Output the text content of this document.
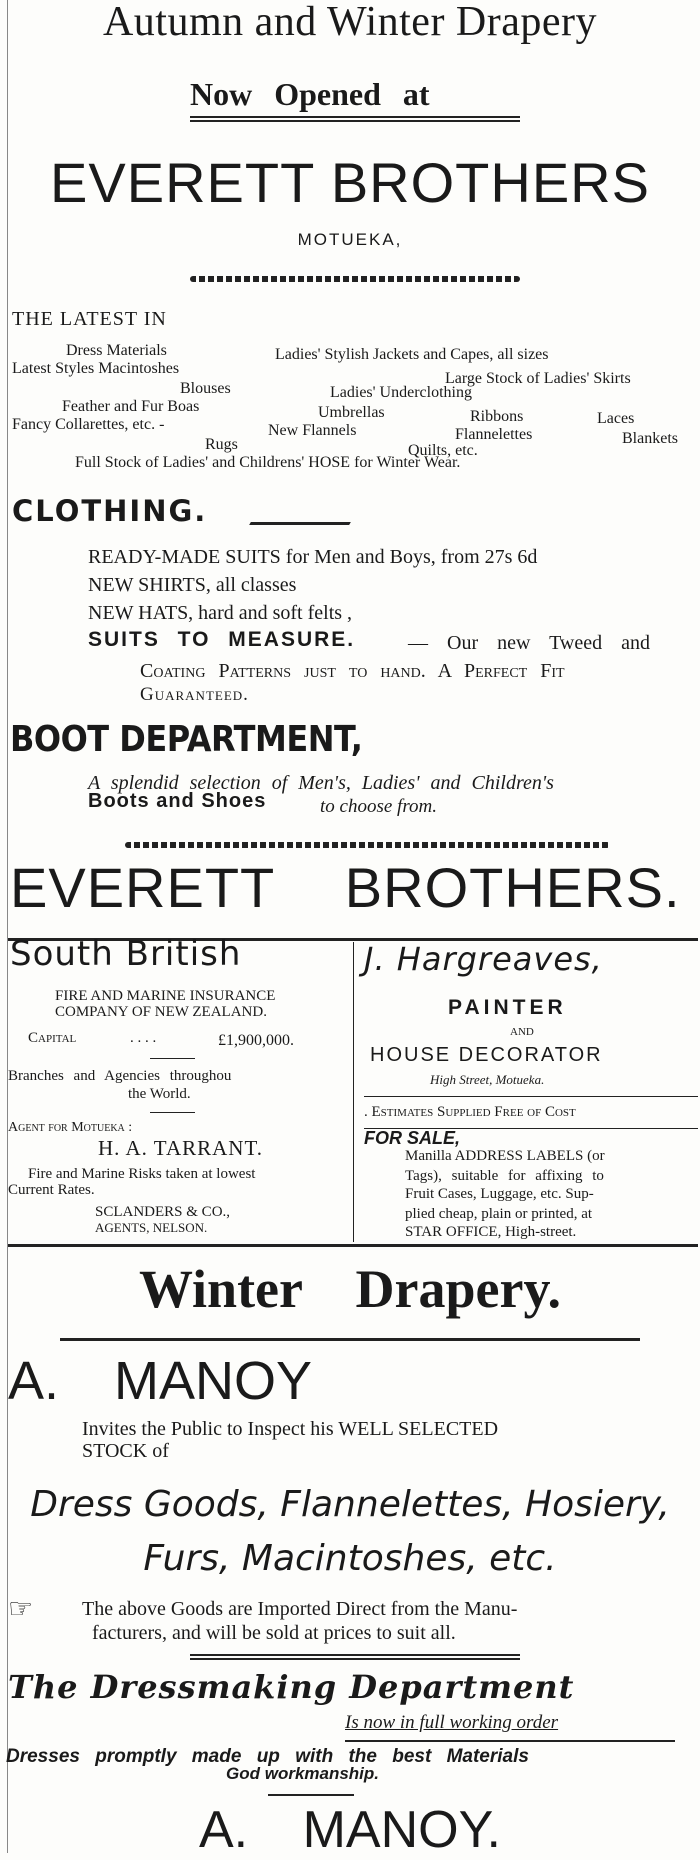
Autumn and Winter Drapery
Now Opened at
EVERETT BROTHERS
MOTUEKA,
THE LATEST IN
Dress Materials	Ladies' Stylish Jackets and Capes, all sizes
Latest Styles Macintoshes
Large Stock of Ladies' Skirts
Blouses	Ladies' Underclothing
Feather and Fur Boas	Umbrellas	Ribbons	Laces
Fancy Collarettes, etc. -	New Flannels	Flannelettes	Blankets
Rugs	Quilts, etc.
Full Stock of Ladies' and Childrens' HOSE for Winter Wear.
CLOTHING.
READY-MADE SUITS for Men and Boys, from 27s 6d
NEW SHIRTS, all classes
NEW HATS, hard and soft felts ,
SUITS TO MEASURE.	— Our new Tweed and
Coating Patterns just to hand. A Perfect Fit
Guaranteed.
BOOT DEPARTMENT,
A splendid selection of Men's, Ladies' and Children's
Boots and Shoes	to choose from.
EVERETT BROTHERS.
South British
FIRE AND MARINE INSURANCE
COMPANY OF NEW ZEALAND.
Capital	. . . .	£1,900,000.
Branches and Agencies throughou
the World.
Agent for Motueka :
H. A. TARRANT.
Fire and Marine Risks taken at lowest
Current Rates.
SCLANDERS & CO.,
AGENTS, NELSON.
J. Hargreaves,
PAINTER
AND
HOUSE DECORATOR
High Street, Motueka.
. Estimates Supplied Free of Cost
FOR SALE,
Manilla ADDRESS LABELS (or
Tags), suitable for affixing to
Fruit Cases, Luggage, etc. Sup-
plied cheap, plain or printed, at
STAR OFFICE, High-street.
Winter Drapery.
A. MANOY
Invites the Public to Inspect his WELL SELECTED
STOCK of
Dress Goods, Flannelettes, Hosiery,
Furs, Macintoshes, etc.
☞ The above Goods are Imported Direct from the Manu-
facturers, and will be sold at prices to suit all.
The Dressmaking Department
Is now in full working order
Dresses promptly made up with the best Materials
God workmanship.
A. MANOY.
